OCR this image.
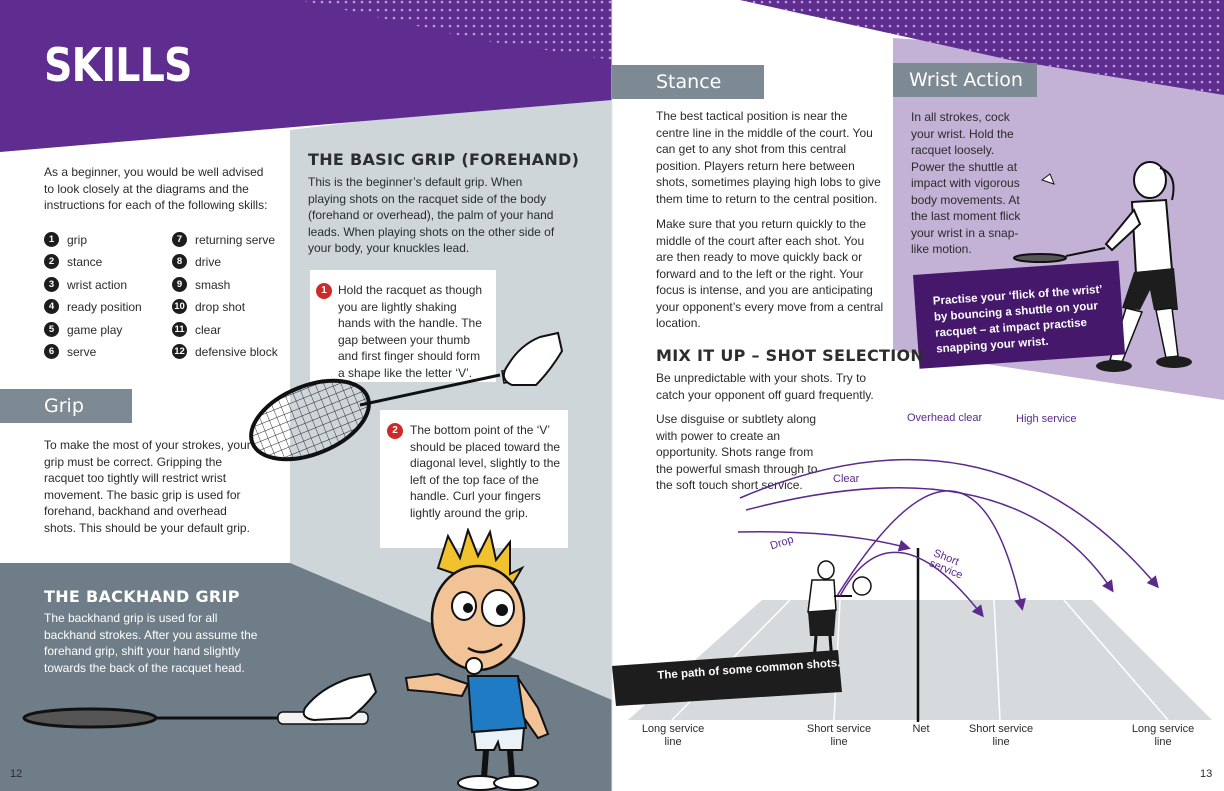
SKILLS
As a beginner, you would be well advised to look closely at the diagrams and the instructions for each of the following skills:
1 grip
2 stance
3 wrist action
4 ready position
5 game play
6 serve
7 returning serve
8 drive
9 smash
10 drop shot
11 clear
12 defensive block
Grip
To make the most of your strokes, your grip must be correct. Gripping the racquet too tightly will restrict wrist movement. The basic grip is used for forehand, backhand and overhead shots. This should be your default grip.
THE BASIC GRIP (FOREHAND)
This is the beginner’s default grip. When playing shots on the racquet side of the body (forehand or overhead), the palm of your hand leads. When playing shots on the other side of your body, your knuckles lead.
1 Hold the racquet as though you are lightly shaking hands with the handle. The gap between your thumb and first finger should form a shape like the letter ‘V’.
2	The bottom point of the ‘V’ should be placed toward the diagonal level, slightly to the left of the top face of the handle. Curl your fingers lightly around the grip.
THE BACKHAND GRIP
The backhand grip is used for all backhand strokes. After you assume the forehand grip, shift your hand slightly towards the back of the racquet head.
12
Stance
The best tactical position is near the centre line in the middle of the court. You can get to any shot from this central position. Players return here between shots, sometimes playing high lobs to give them time to return to the central position.
Make sure that you return quickly to the middle of the court after each shot. You are then ready to move quickly back or forward and to the left or the right. Your focus is intense, and you are anticipating your opponent’s every move from a central location.
Wrist Action
In all strokes, cock your wrist. Hold the racquet loosely. Power the shuttle at impact with vigorous body movements. At the last moment flick your wrist in a snap-like motion.
Practise your ‘flick of the wrist’ by bouncing a shuttle on your racquet – at impact practise snapping your wrist.
MIX IT UP – SHOT SELECTION
Be unpredictable with your shots. Try to catch your opponent off guard frequently.
Use disguise or subtlety along with power to create an opportunity. Shots range from the powerful smash through to the soft touch short service.
Overhead clear	High service
Clear
Drop
Short service
The path of some common shots.
Long service line
Short service line
Net	Short service line
Long service line
13
